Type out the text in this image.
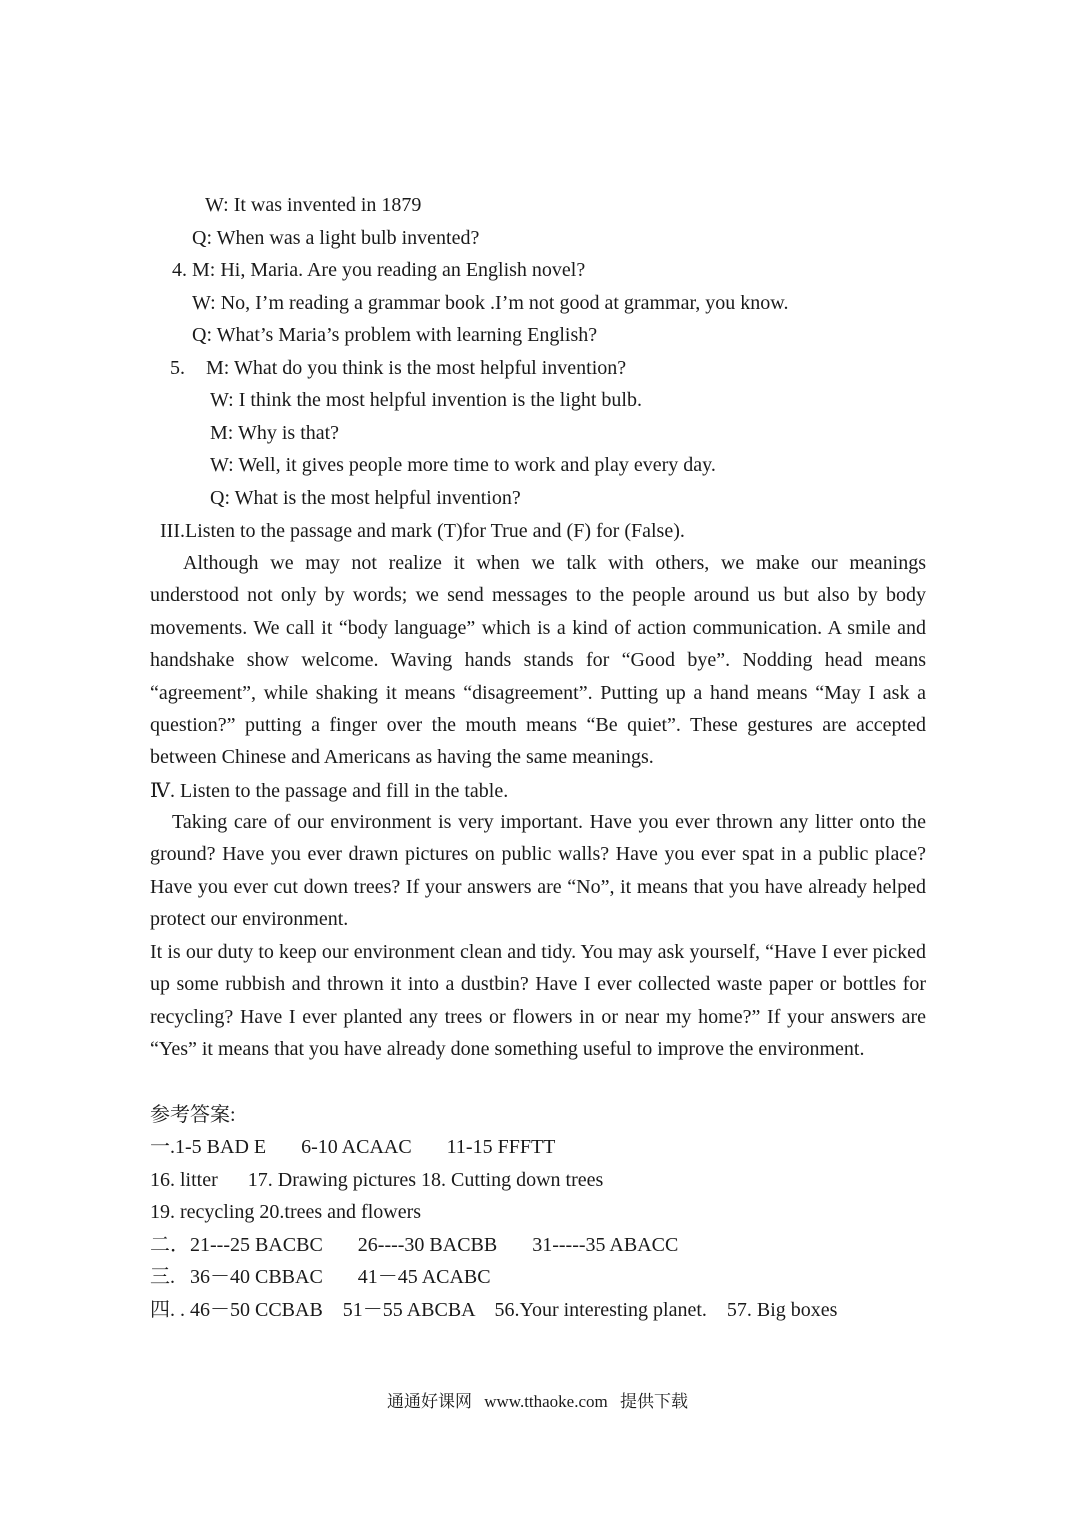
W: It was invented in 1879
Q: When was a light bulb invented?
4. M: Hi, Maria. Are you reading an English novel?
W: No, I’m reading a grammar book .I’m not good at grammar, you know.
Q: What’s Maria’s problem with learning English?
5. M: What do you think is the most helpful invention?
W: I think the most helpful invention is the light bulb.
M: Why is that?
W: Well, it gives people more time to work and play every day.
Q: What is the most helpful invention?
III.Listen to the passage and mark (T)for True and (F) for (False).

Although we may not realize it when we talk with others, we make our meanings understood not only by words; we send messages to the people around us but also by body movements. We call it “body language” which is a kind of action communication. A smile and handshake show welcome. Waving hands stands for “Good bye”. Nodding head means “agreement”, while shaking it means “disagreement”. Putting up a hand means “May I ask a question?” putting a finger over the mouth means “Be quiet”. These gestures are accepted between Chinese and Americans as having the same meanings.

Ⅳ. Listen to the passage and fill in the table.

Taking care of our environment is very important. Have you ever thrown any litter onto the ground? Have you ever drawn pictures on public walls? Have you ever spat in a public place? Have you ever cut down trees? If your answers are “No”, it means that you have already helped protect our environment.

It is our duty to keep our environment clean and tidy. You may ask yourself, “Have I ever picked up some rubbish and thrown it into a dustbin? Have I ever collected waste paper or bottles for recycling? Have I ever planted any trees or flowers in or near my home?” If your answers are “Yes” it means that you have already done something useful to improve the environment.

参考答案:
一.1-5 BAD E       6-10 ACAAC       11-15 FFFTT
16. litter      17. Drawing pictures 18. Cutting down trees
19. recycling 20.trees and flowers
二．21---25 BACBC       26----30 BACBB       31-----35 ABACC
三.   36－40 CBBAC       41－45 ACABC
四. . 46－50 CCBAB    51－55 ABCBA    56.Your interesting planet.    57. Big boxes
通通好课网 www.tthaoke.com 提供下载
